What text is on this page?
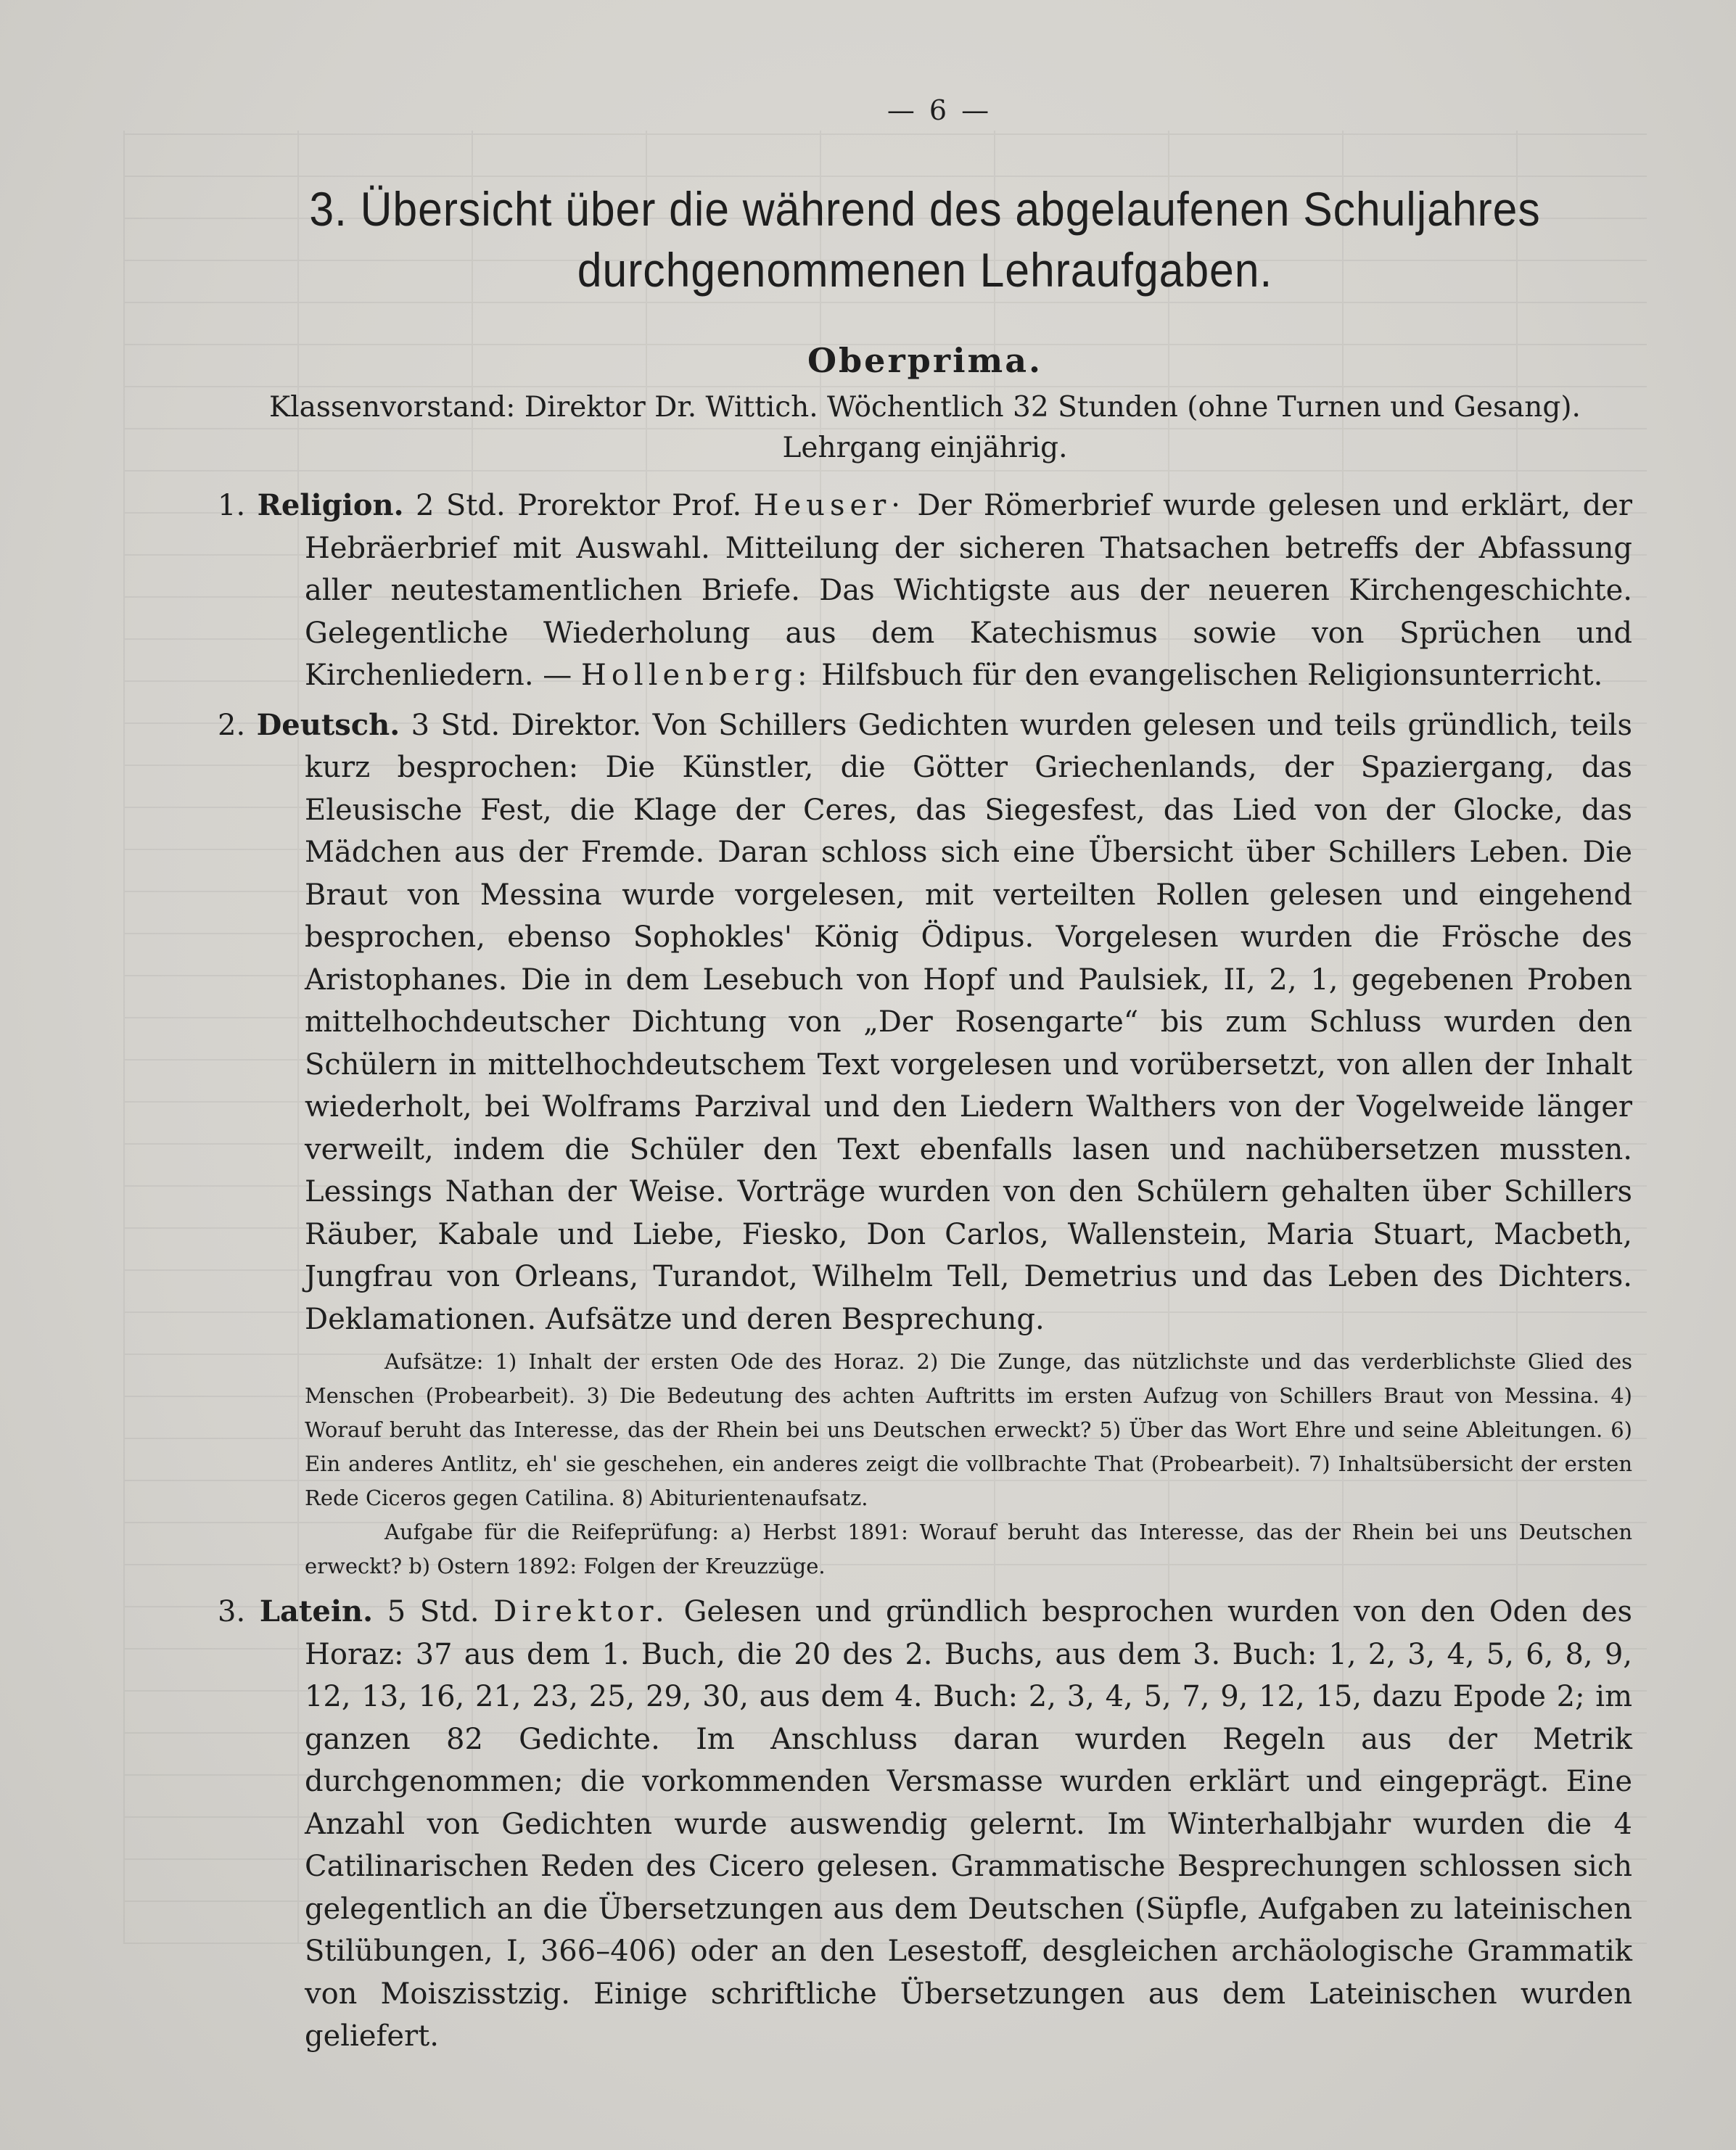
— 6 —
3. Übersicht über die während des abgelaufenen Schuljahres
durchgenommenen Lehraufgaben.
Oberprima.
Klassenvorstand: Direktor Dr. Wittich. Wöchentlich 32 Stunden (ohne Turnen und Gesang).
Lehrgang einjährig.
1. Religion. 2 Std. Prorektor Prof. Heuser· Der Römerbrief wurde gelesen und erklärt, der Hebräerbrief mit Auswahl. Mitteilung der sicheren Thatsachen betreffs der Abfassung aller neutestamentlichen Briefe. Das Wichtigste aus der neueren Kirchengeschichte. Gelegentliche Wiederholung aus dem Katechismus sowie von Sprüchen und Kirchenliedern. — Hollenberg: Hilfsbuch für den evangelischen Religionsunterricht.
2. Deutsch. 3 Std. Direktor. Von Schillers Gedichten wurden gelesen und teils gründlich, teils kurz besprochen: Die Künstler, die Götter Griechenlands, der Spaziergang, das Eleusische Fest, die Klage der Ceres, das Siegesfest, das Lied von der Glocke, das Mädchen aus der Fremde. Daran schloss sich eine Übersicht über Schillers Leben. Die Braut von Messina wurde vorgelesen, mit verteilten Rollen gelesen und eingehend besprochen, ebenso Sophokles' König Ödipus. Vorgelesen wurden die Frösche des Aristophanes. Die in dem Lesebuch von Hopf und Paulsiek, II, 2, 1, gegebenen Proben mittelhochdeutscher Dichtung von „Der Rosengarte“ bis zum Schluss wurden den Schülern in mittelhochdeutschem Text vorgelesen und vorübersetzt, von allen der Inhalt wiederholt, bei Wolframs Parzival und den Liedern Walthers von der Vogelweide länger verweilt, indem die Schüler den Text ebenfalls lasen und nachübersetzen mussten. Lessings Nathan der Weise. Vorträge wurden von den Schülern gehalten über Schillers Räuber, Kabale und Liebe, Fiesko, Don Carlos, Wallenstein, Maria Stuart, Macbeth, Jungfrau von Orleans, Turandot, Wilhelm Tell, Demetrius und das Leben des Dichters. Deklamationen. Aufsätze und deren Besprechung.
Aufsätze: 1) Inhalt der ersten Ode des Horaz. 2) Die Zunge, das nützlichste und das verderblichste Glied des Menschen (Probearbeit). 3) Die Bedeutung des achten Auftritts im ersten Aufzug von Schillers Braut von Messina. 4) Worauf beruht das Interesse, das der Rhein bei uns Deutschen erweckt? 5) Über das Wort Ehre und seine Ableitungen. 6) Ein anderes Antlitz, eh' sie geschehen, ein anderes zeigt die vollbrachte That (Probearbeit). 7) Inhaltsübersicht der ersten Rede Ciceros gegen Catilina. 8) Abiturientenaufsatz.
Aufgabe für die Reifeprüfung: a) Herbst 1891: Worauf beruht das Interesse, das der Rhein bei uns Deutschen erweckt? b) Ostern 1892: Folgen der Kreuzzüge.
3. Latein. 5 Std. Direktor. Gelesen und gründlich besprochen wurden von den Oden des Horaz: 37 aus dem 1. Buch, die 20 des 2. Buchs, aus dem 3. Buch: 1, 2, 3, 4, 5, 6, 8, 9, 12, 13, 16, 21, 23, 25, 29, 30, aus dem 4. Buch: 2, 3, 4, 5, 7, 9, 12, 15, dazu Epode 2; im ganzen 82 Gedichte. Im Anschluss daran wurden Regeln aus der Metrik durchgenommen; die vorkommenden Versmasse wurden erklärt und eingeprägt. Eine Anzahl von Gedichten wurde auswendig gelernt. Im Winterhalbjahr wurden die 4 Catilinarischen Reden des Cicero gelesen. Grammatische Besprechungen schlossen sich gelegentlich an die Übersetzungen aus dem Deutschen (Süpfle, Aufgaben zu lateinischen Stilübungen, I, 366–406) oder an den Lesestoff, desgleichen archäologische Grammatik von Moiszisstzig. Einige schriftliche Übersetzungen aus dem Lateinischen wurden geliefert.
